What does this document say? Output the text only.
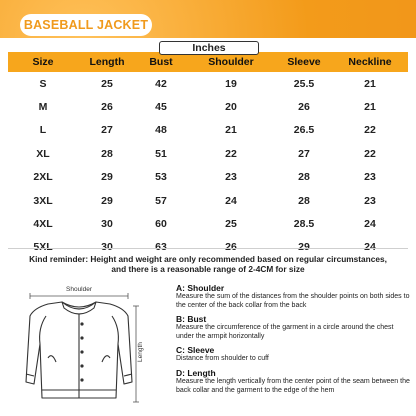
BASEBALL JACKET
Inches
Size	Length	Bust	Shoulder	Sleeve	Neckline
S	25	42	19	25.5	21
M	26	45	20	26	21
L	27	48	21	26.5	22
XL	28	51	22	27	22
2XL	29	53	23	28	23
3XL	29	57	24	28	23
4XL	30	60	25	28.5	24
Kind reminder: Height and weight are only recommended based on regular circumstances,
and there is a reasonable range of 2-4CM for size
Shoulder
Length
A: Shoulder
Measure the sum of the distances from the shoulder points on both sides to the center of the back collar from the back
B: Bust
Measure the circumference of the garment in a circle around the chest under the armpit horizontally
C: Sleeve
Distance from shoulder to cuff
D: Length
Measure the length vertically from the center point of the seam between the back collar and the garment to the edge of the hem
